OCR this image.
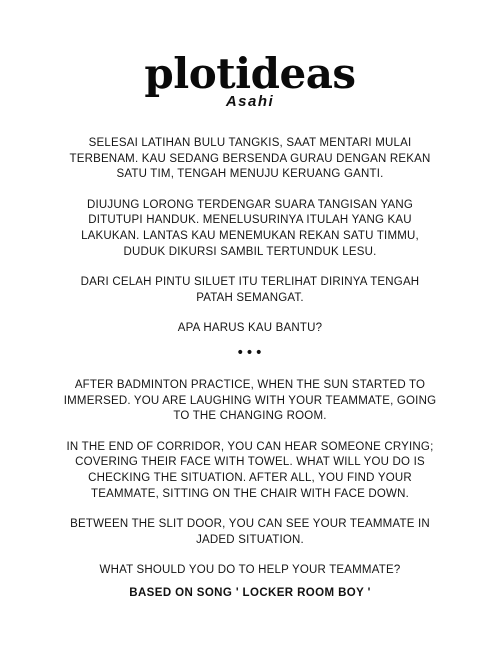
plotideas
Asahi

SELESAI LATIHAN BULU TANGKIS, SAAT MENTARI MULAI TERBENAM. KAU SEDANG BERSENDA GURAU DENGAN REKAN SATU TIM, TENGAH MENUJU KERUANG GANTI.

DIUJUNG LORONG TERDENGAR SUARA TANGISAN YANG DITUTUPI HANDUK. MENELUSURINYA ITULAH YANG KAU LAKUKAN. LANTAS KAU MENEMUKAN REKAN SATU TIMMU, DUDUK DIKURSI SAMBIL TERTUNDUK LESU.

DARI CELAH PINTU SILUET ITU TERLIHAT DIRINYA TENGAH PATAH SEMANGAT.

APA HARUS KAU BANTU?

•••

AFTER BADMINTON PRACTICE, WHEN THE SUN STARTED TO IMMERSED. YOU ARE LAUGHING WITH YOUR TEAMMATE, GOING TO THE CHANGING ROOM.

IN THE END OF CORRIDOR, YOU CAN HEAR SOMEONE CRYING; COVERING THEIR FACE WITH TOWEL. WHAT WILL YOU DO IS CHECKING THE SITUATION. AFTER ALL, YOU FIND YOUR TEAMMATE, SITTING ON THE CHAIR WITH FACE DOWN.

BETWEEN THE SLIT DOOR, YOU CAN SEE YOUR TEAMMATE IN JADED SITUATION.

WHAT SHOULD YOU DO TO HELP YOUR TEAMMATE?

BASED ON SONG ' LOCKER ROOM BOY '
